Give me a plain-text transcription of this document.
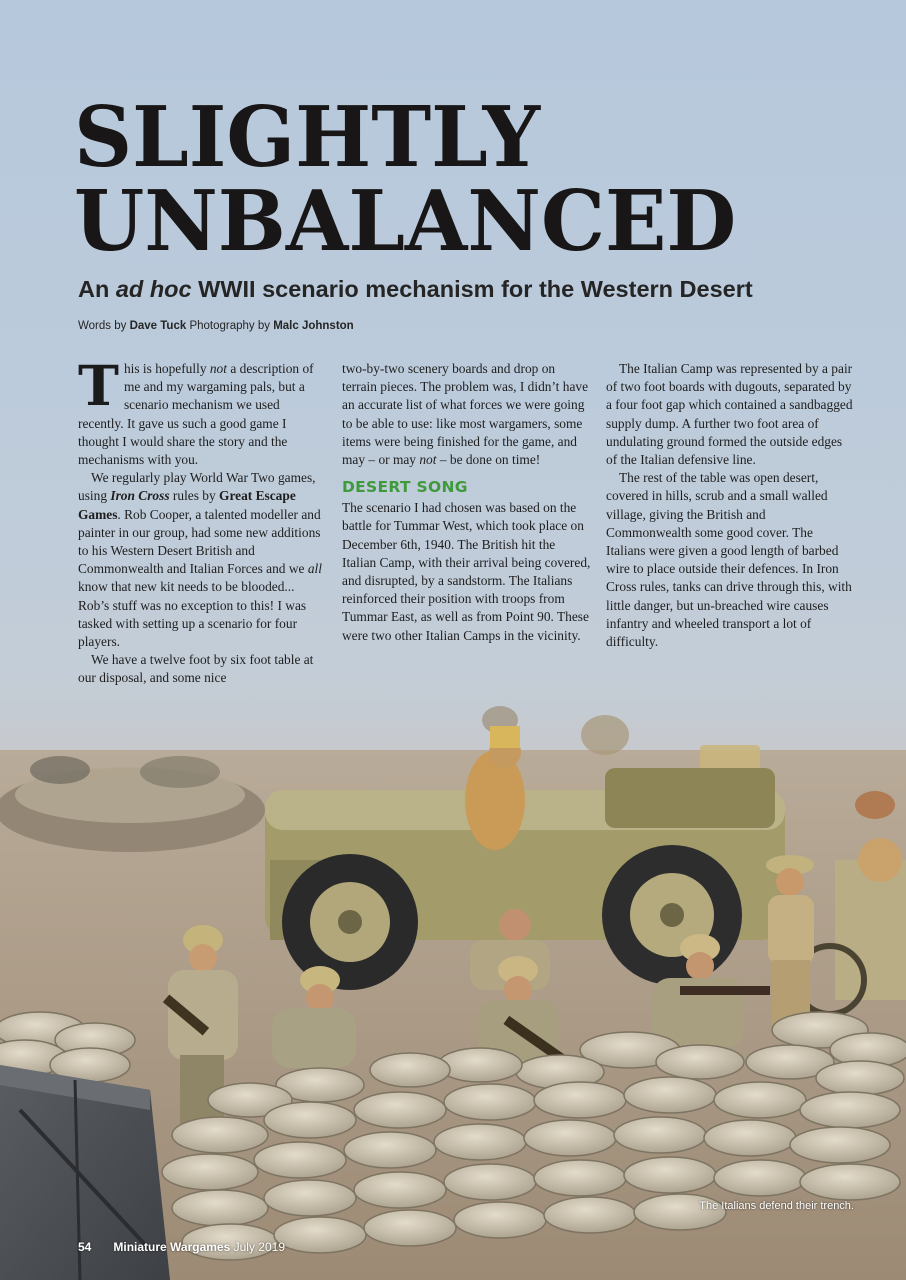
SLIGHTLY
UNBALANCED
An ad hoc WWII scenario mechanism for the Western Desert
Words by Dave Tuck Photography by Malc Johnston

This is hopefully not a description of me and my wargaming pals, but a scenario mechanism we used recently. It gave us such a good game I thought I would share the story and the mechanisms with you.

We regularly play World War Two games, using Iron Cross rules by Great Escape Games. Rob Cooper, a talented modeller and painter in our group, had some new additions to his Western Desert British and Commonwealth and Italian Forces and we all know that new kit needs to be blooded... Rob’s stuff was no exception to this! I was tasked with setting up a scenario for four players.

We have a twelve foot by six foot table at our disposal, and some nice

two-by-two scenery boards and drop on terrain pieces. The problem was, I didn’t have an accurate list of what forces we were going to be able to use: like most wargamers, some items were being finished for the game, and may – or may not – be done on time!

DESERT SONG

The scenario I had chosen was based on the battle for Tummar West, which took place on December 6th, 1940. The British hit the Italian Camp, with their arrival being covered, and disrupted, by a sandstorm. The Italians reinforced their position with troops from Tummar East, as well as from Point 90. These were two other Italian Camps in the vicinity.

The Italian Camp was represented by a pair of two foot boards with dugouts, separated by a four foot gap which contained a sandbagged supply dump. A further two foot area of undulating ground formed the outside edges of the Italian defensive line.

The rest of the table was open desert, covered in hills, scrub and a small walled village, giving the British and Commonwealth some good cover. The Italians were given a good length of barbed wire to place outside their defences. In Iron Cross rules, tanks can drive through this, with little danger, but un-breached wire causes infantry and wheeled transport a lot of difficulty.

The Italians defend their trench.
54 Miniature Wargames July 2019
